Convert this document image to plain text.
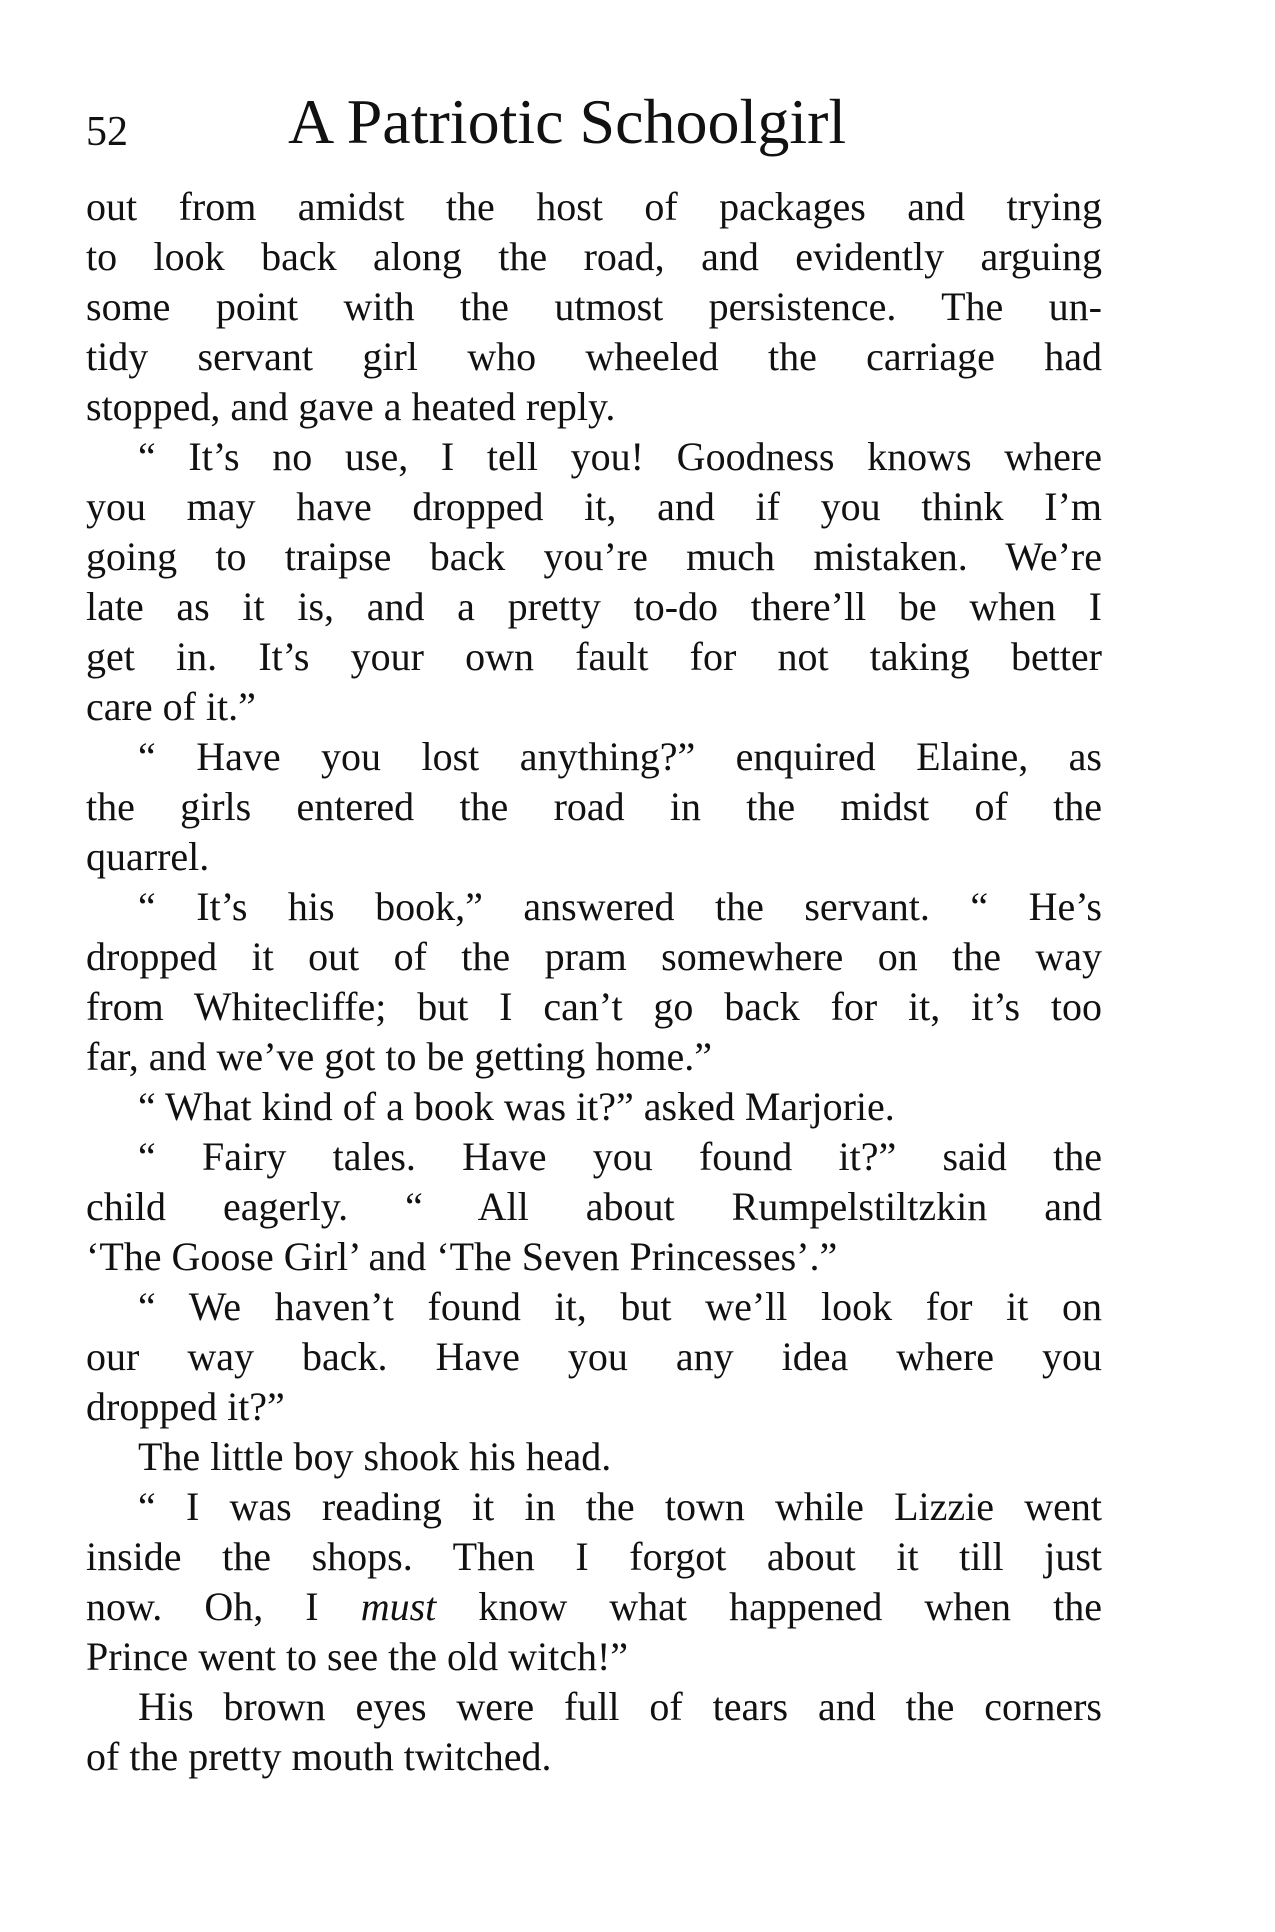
52	A Patriotic Schoolgirl
out from amidst the host of packages and trying
to look back along the road, and evidently arguing
some point with the utmost persistence. The un-
tidy servant girl who wheeled the carriage had
stopped, and gave a heated reply.
“ It’s no use, I tell you! Goodness knows where
you may have dropped it, and if you think I’m
going to traipse back you’re much mistaken. We’re
late as it is, and a pretty to-do there’ll be when I
get in. It’s your own fault for not taking better
care of it.”
“ Have you lost anything?” enquired Elaine, as
the girls entered the road in the midst of the
quarrel.
“ It’s his book,” answered the servant. “ He’s
dropped it out of the pram somewhere on the way
from Whitecliffe; but I can’t go back for it, it’s too
far, and we’ve got to be getting home.”
“ What kind of a book was it?” asked Marjorie.
“ Fairy tales. Have you found it?” said the
child eagerly. “ All about Rumpelstiltzkin and
‘The Goose Girl’ and ‘The Seven Princesses’.”
“ We haven’t found it, but we’ll look for it on
our way back. Have you any idea where you
dropped it?”
The little boy shook his head.
“ I was reading it in the town while Lizzie went
inside the shops. Then I forgot about it till just
now. Oh, I must know what happened when the
Prince went to see the old witch!”
His brown eyes were full of tears and the corners
of the pretty mouth twitched.
